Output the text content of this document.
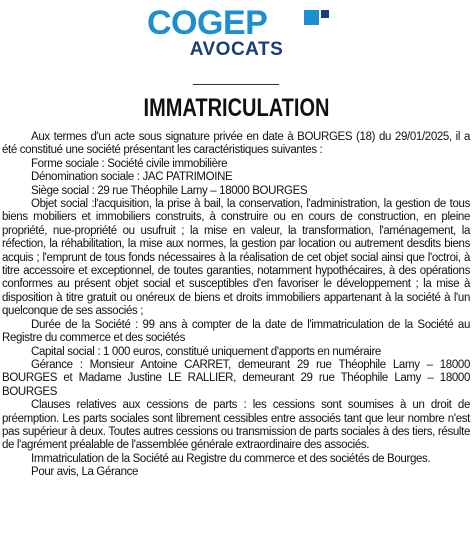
COGEP
AVOCATS
IMMATRICULATION

Aux termes d'un acte sous signature privée en date à BOURGES (18) du 29/01/2025, il a été constitué une société présentant les caractéristiques suivantes :

Forme sociale : Société civile immobilière

Dénomination sociale : JAC PATRIMOINE

Siège social : 29 rue Théophile Lamy – 18000 BOURGES

Objet social :l'acquisition, la prise à bail, la conservation, l'administration, la gestion de tous biens mobiliers et immobiliers construits, à construire ou en cours de construction, en pleine propriété, nue-propriété ou usufruit ; la mise en valeur, la transformation, l'aménagement, la réfection, la réhabilitation, la mise aux normes, la gestion par location ou autrement desdits biens acquis ; l'emprunt de tous fonds nécessaires à la réalisation de cet objet social ainsi que l'octroi, à titre accessoire et exceptionnel, de toutes garanties, notamment hypothécaires, à des opérations conformes au présent objet social et susceptibles d'en favoriser le développement ; la mise à disposition à titre gratuit ou onéreux de biens et droits immobiliers appartenant à la société à l'un quelconque de ses associés ;

Durée de la Société : 99 ans à compter de la date de l'immatriculation de la Société au Registre du commerce et des sociétés

Capital social : 1 000 euros, constitué uniquement d'apports en numéraire

Gérance : Monsieur Antoine CARRET, demeurant 29 rue Théophile Lamy – 18000 BOURGES et Madame Justine LE RALLIER, demeurant 29 rue Théophile Lamy – 18000 BOURGES

Clauses relatives aux cessions de parts : les cessions sont soumises à un droit de préemption. Les parts sociales sont librement cessibles entre associés tant que leur nombre n'est pas supérieur à deux. Toutes autres cessions ou transmission de parts sociales à des tiers, résulte de l'agrément préalable de l'assemblée générale extraordinaire des associés.

Immatriculation de la Société au Registre du commerce et des sociétés de Bourges.

Pour avis, La Gérance
